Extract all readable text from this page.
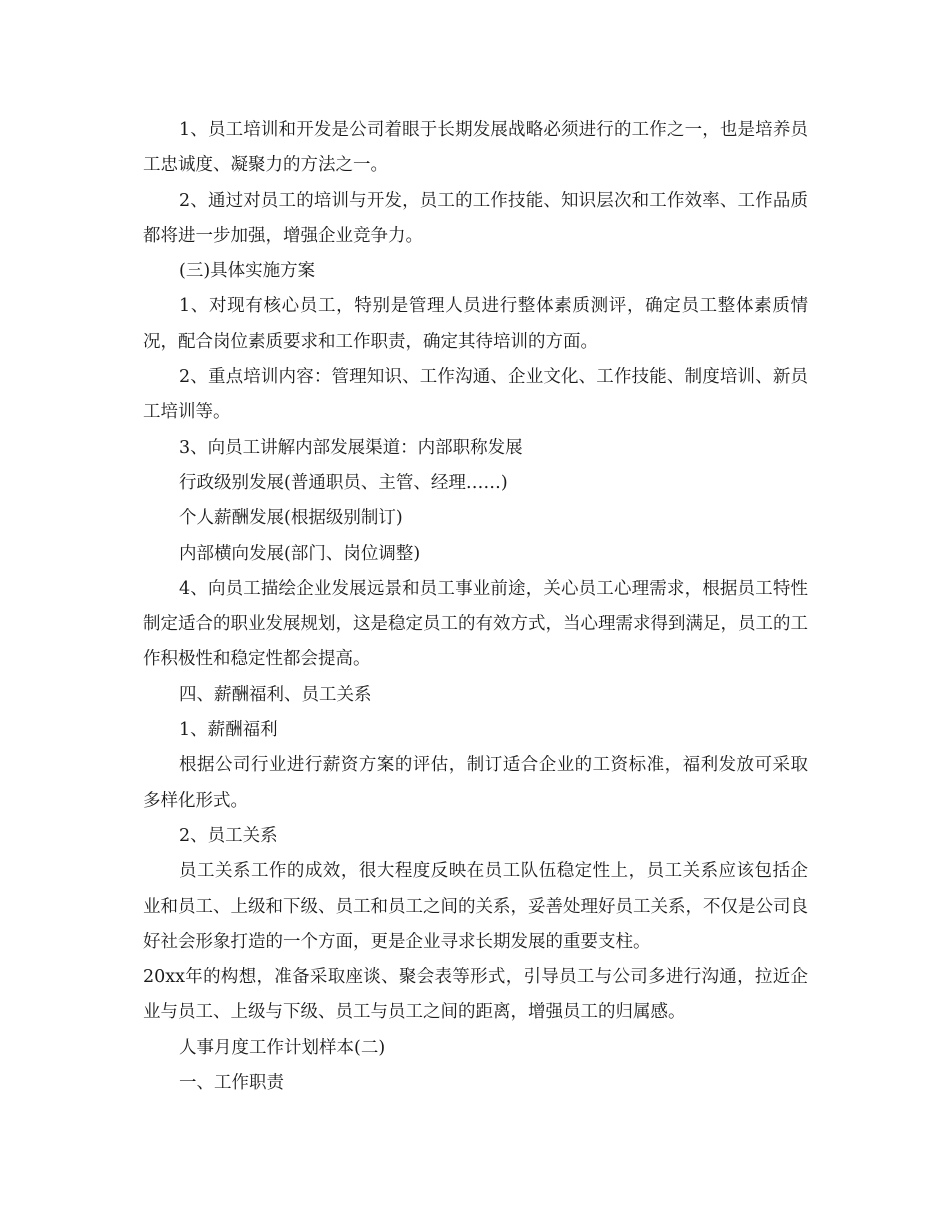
1、员工培训和开发是公司着眼于长期发展战略必须进行的工作之一，也是培养员工忠诚度、凝聚力的方法之一。

2、通过对员工的培训与开发，员工的工作技能、知识层次和工作效率、工作品质都将进一步加强，增强企业竞争力。

(三)具体实施方案

1、对现有核心员工，特别是管理人员进行整体素质测评，确定员工整体素质情况，配合岗位素质要求和工作职责，确定其待培训的方面。

2、重点培训内容：管理知识、工作沟通、企业文化、工作技能、制度培训、新员工培训等。

3、向员工讲解内部发展渠道：内部职称发展

行政级别发展(普通职员、主管、经理……)

个人薪酬发展(根据级别制订)

内部横向发展(部门、岗位调整)

4、向员工描绘企业发展远景和员工事业前途，关心员工心理需求，根据员工特性制定适合的职业发展规划，这是稳定员工的有效方式，当心理需求得到满足，员工的工作积极性和稳定性都会提高。

四、薪酬福利、员工关系

1、薪酬福利

根据公司行业进行薪资方案的评估，制订适合企业的工资标准，福利发放可采取多样化形式。

2、员工关系

员工关系工作的成效，很大程度反映在员工队伍稳定性上，员工关系应该包括企业和员工、上级和下级、员工和员工之间的关系，妥善处理好员工关系，不仅是公司良好社会形象打造的一个方面，更是企业寻求长期发展的重要支柱。

20xx年的构想，准备采取座谈、聚会表等形式，引导员工与公司多进行沟通，拉近企业与员工、上级与下级、员工与员工之间的距离，增强员工的归属感。

人事月度工作计划样本(二)

一、工作职责
